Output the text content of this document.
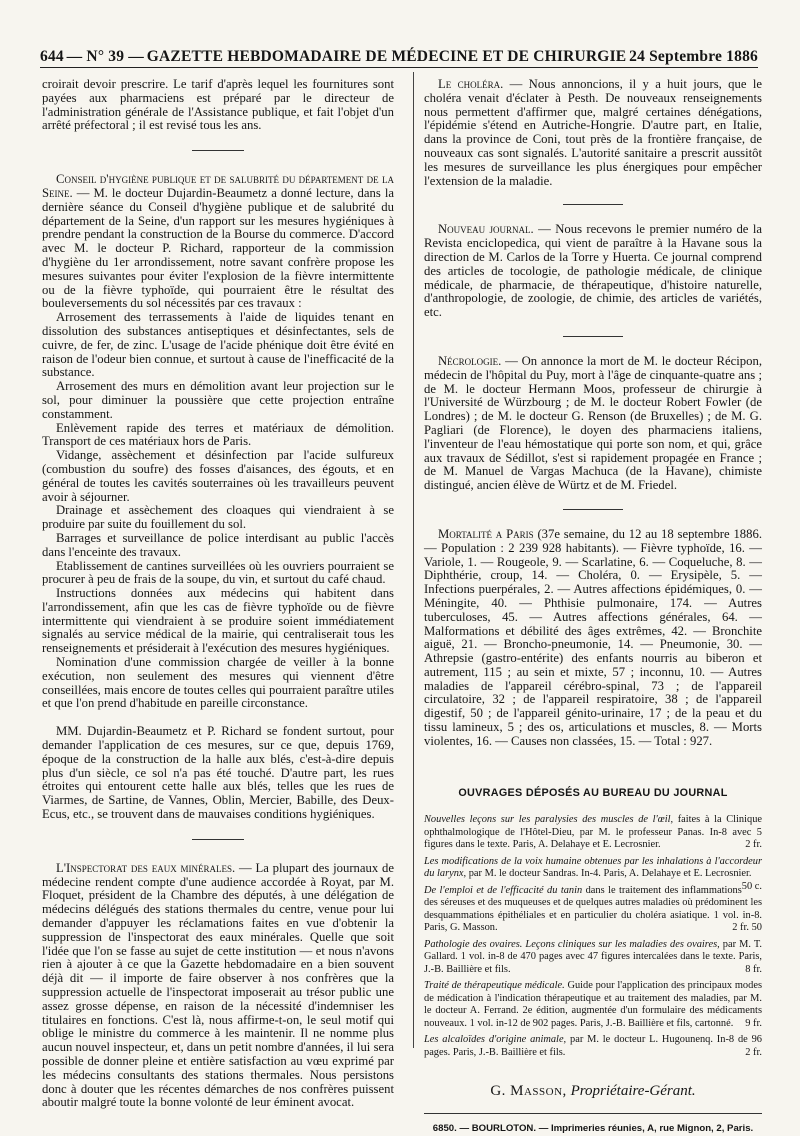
644 — N° 39 — GAZETTE HEBDOMADAIRE DE MÉDECINE ET DE CHIRURGIE 24 Septembre 1886

croirait devoir prescrire. Le tarif d'après lequel les fournitures sont payées aux pharmaciens est préparé par le directeur de l'administration générale de l'Assistance publique, et fait l'objet d'un arrêté préfectoral ; il est revisé tous les ans.

Conseil d'hygiène publique et de salubrité du département de la Seine. — M. le docteur Dujardin-Beaumetz a donné lecture, dans la dernière séance du Conseil d'hygiène publique et de salubrité du département de la Seine, d'un rapport sur les mesures hygiéniques à prendre pendant la construction de la Bourse du commerce. D'accord avec M. le docteur P. Richard, rapporteur de la commission d'hygiène du 1er arrondissement, notre savant confrère propose les mesures suivantes pour éviter l'explosion de la fièvre intermittente ou de la fièvre typhoïde, qui pourraient être le résultat des bouleversements du sol nécessités par ces travaux :

Arrosement des terrassements à l'aide de liquides tenant en dissolution des substances antiseptiques et désinfectantes, sels de cuivre, de fer, de zinc. L'usage de l'acide phénique doit être évité en raison de l'odeur bien connue, et surtout à cause de l'inefficacité de la substance.

Arrosement des murs en démolition avant leur projection sur le sol, pour diminuer la poussière que cette projection entraîne constamment.

Enlèvement rapide des terres et matériaux de démolition. Transport de ces matériaux hors de Paris.

Vidange, assèchement et désinfection par l'acide sulfureux (combustion du soufre) des fosses d'aisances, des égouts, et en général de toutes les cavités souterraines où les travailleurs peuvent avoir à séjourner.

Drainage et assèchement des cloaques qui viendraient à se produire par suite du fouillement du sol.

Barrages et surveillance de police interdisant au public l'accès dans l'enceinte des travaux.

Etablissement de cantines surveillées où les ouvriers pourraient se procurer à peu de frais de la soupe, du vin, et surtout du café chaud.

Instructions données aux médecins qui habitent dans l'arrondissement, afin que les cas de fièvre typhoïde ou de fièvre intermittente qui viendraient à se produire soient immédiatement signalés au service médical de la mairie, qui centraliserait tous les renseignements et présiderait à l'exécution des mesures hygiéniques.

Nomination d'une commission chargée de veiller à la bonne exécution, non seulement des mesures qui viennent d'être conseillées, mais encore de toutes celles qui pourraient paraître utiles et que l'on prend d'habitude en pareille circonstance.

MM. Dujardin-Beaumetz et P. Richard se fondent surtout, pour demander l'application de ces mesures, sur ce que, depuis 1769, époque de la construction de la halle aux blés, c'est-à-dire depuis plus d'un siècle, ce sol n'a pas été touché. D'autre part, les rues étroites qui entourent cette halle aux blés, telles que les rues de Viarmes, de Sartine, de Vannes, Oblin, Mercier, Babille, des Deux-Ecus, etc., se trouvent dans de mauvaises conditions hygiéniques.

L'Inspectorat des eaux minérales. — La plupart des journaux de médecine rendent compte d'une audience accordée à Royat, par M. Floquet, président de la Chambre des députés, à une délégation de médecins délégués des stations thermales du centre, venue pour lui demander d'appuyer les réclamations faites en vue d'obtenir la suppression de l'inspectorat des eaux minérales. Quelle que soit l'idée que l'on se fasse au sujet de cette institution — et nous n'avons rien à ajouter à ce que la Gazette hebdomadaire en a bien souvent déjà dit — il importe de faire observer à nos confrères que la suppression actuelle de l'inspectorat imposerait au trésor public une assez grosse dépense, en raison de la nécessité d'indemniser les titulaires en fonctions. C'est là, nous affirme-t-on, le seul motif qui oblige le ministre du commerce à les maintenir. Il ne nomme plus aucun nouvel inspecteur, et, dans un petit nombre d'années, il lui sera possible de donner pleine et entière satisfaction au vœu exprimé par les médecins consultants des stations thermales. Nous persistons donc à douter que les récentes démarches de nos confrères puissent aboutir malgré toute la bonne volonté de leur éminent avocat.

Le choléra. — Nous annoncions, il y a huit jours, que le choléra venait d'éclater à Pesth. De nouveaux renseignements nous permettent d'affirmer que, malgré certaines dénégations, l'épidémie s'étend en Autriche-Hongrie. D'autre part, en Italie, dans la province de Coni, tout près de la frontière française, de nouveaux cas sont signalés. L'autorité sanitaire a prescrit aussitôt les mesures de surveillance les plus énergiques pour empêcher l'extension de la maladie.

Nouveau journal. — Nous recevons le premier numéro de la Revista enciclopedica, qui vient de paraître à la Havane sous la direction de M. Carlos de la Torre y Huerta. Ce journal comprend des articles de tocologie, de pathologie médicale, de clinique médicale, de pharmacie, de thérapeutique, d'histoire naturelle, d'anthropologie, de zoologie, de chimie, des articles de variétés, etc.

Nécrologie. — On annonce la mort de M. le docteur Récipon, médecin de l'hôpital du Puy, mort à l'âge de cinquante-quatre ans ; de M. le docteur Hermann Moos, professeur de chirurgie à l'Université de Würzbourg ; de M. le docteur Robert Fowler (de Londres) ; de M. le docteur G. Renson (de Bruxelles) ; de M. G. Pagliari (de Florence), le doyen des pharmaciens italiens, l'inventeur de l'eau hémostatique qui porte son nom, et qui, grâce aux travaux de Sédillot, s'est si rapidement propagée en France ; de M. Manuel de Vargas Machuca (de la Havane), chimiste distingué, ancien élève de Würtz et de M. Friedel.

Mortalité a Paris (37e semaine, du 12 au 18 septembre 1886. — Population : 2 239 928 habitants). — Fièvre typhoïde, 16. — Variole, 1. — Rougeole, 9. — Scarlatine, 6. — Coqueluche, 8. — Diphthérie, croup, 14. — Choléra, 0. — Erysipèle, 5. — Infections puerpérales, 2. — Autres affections épidémiques, 0. — Méningite, 40. — Phthisie pulmonaire, 174. — Autres tuberculoses, 45. — Autres affections générales, 64. — Malformations et débilité des âges extrêmes, 42. — Bronchite aiguë, 21. — Broncho-pneumonie, 14. — Pneumonie, 30. — Athrepsie (gastro-entérite) des enfants nourris au biberon et autrement, 115 ; au sein et mixte, 57 ; inconnu, 10. — Autres maladies de l'appareil cérébro-spinal, 73 ; de l'appareil circulatoire, 32 ; de l'appareil respiratoire, 38 ; de l'appareil digestif, 50 ; de l'appareil génito-urinaire, 17 ; de la peau et du tissu lamineux, 5 ; des os, articulations et muscles, 8. — Morts violentes, 16. — Causes non classées, 15. — Total : 927.

OUVRAGES DÉPOSÉS AU BUREAU DU JOURNAL

Nouvelles leçons sur les paralysies des muscles de l'œil, faites à la Clinique ophthalmologique de l'Hôtel-Dieu, par M. le professeur Panas. In-8 avec 5 figures dans le texte. Paris, A. Delahaye et E. Lecrosnier.	2 fr.

Les modifications de la voix humaine obtenues par les inhalations à l'accordeur du larynx, par M. le docteur Sandras. In-4. Paris, A. Delahaye et E. Lecrosnier.
50 c.

De l'emploi et de l'efficacité du tanin dans le traitement des inflammations des séreuses et des muqueuses et de quelques autres maladies où prédominent les desquammations épithéliales et en particulier du choléra asiatique. 1 vol. in-8. Paris, G. Masson.	2 fr. 50

Pathologie des ovaires. Leçons cliniques sur les maladies des ovaires, par M. T. Gallard. 1 vol. in-8 de 470 pages avec 47 figures intercalées dans le texte. Paris, J.-B. Baillière et fils.	8 fr.

Traité de thérapeutique médicale. Guide pour l'application des principaux modes de médication à l'indication thérapeutique et au traitement des maladies, par M. le docteur A. Ferrand. 2e édition, augmentée d'un formulaire des médicaments nouveaux. 1 vol. in-12 de 902 pages. Paris, J.-B. Baillière et fils, cartonné. 9 fr.

Les alcaloïdes d'origine animale, par M. le docteur L. Hugounenq. In-8 de 96 pages. Paris, J.-B. Baillière et fils.	2 fr.

G. Masson, Propriétaire-Gérant.
6850. — BOURLOTON. — Imprimeries réunies, A, rue Mignon, 2, Paris.
